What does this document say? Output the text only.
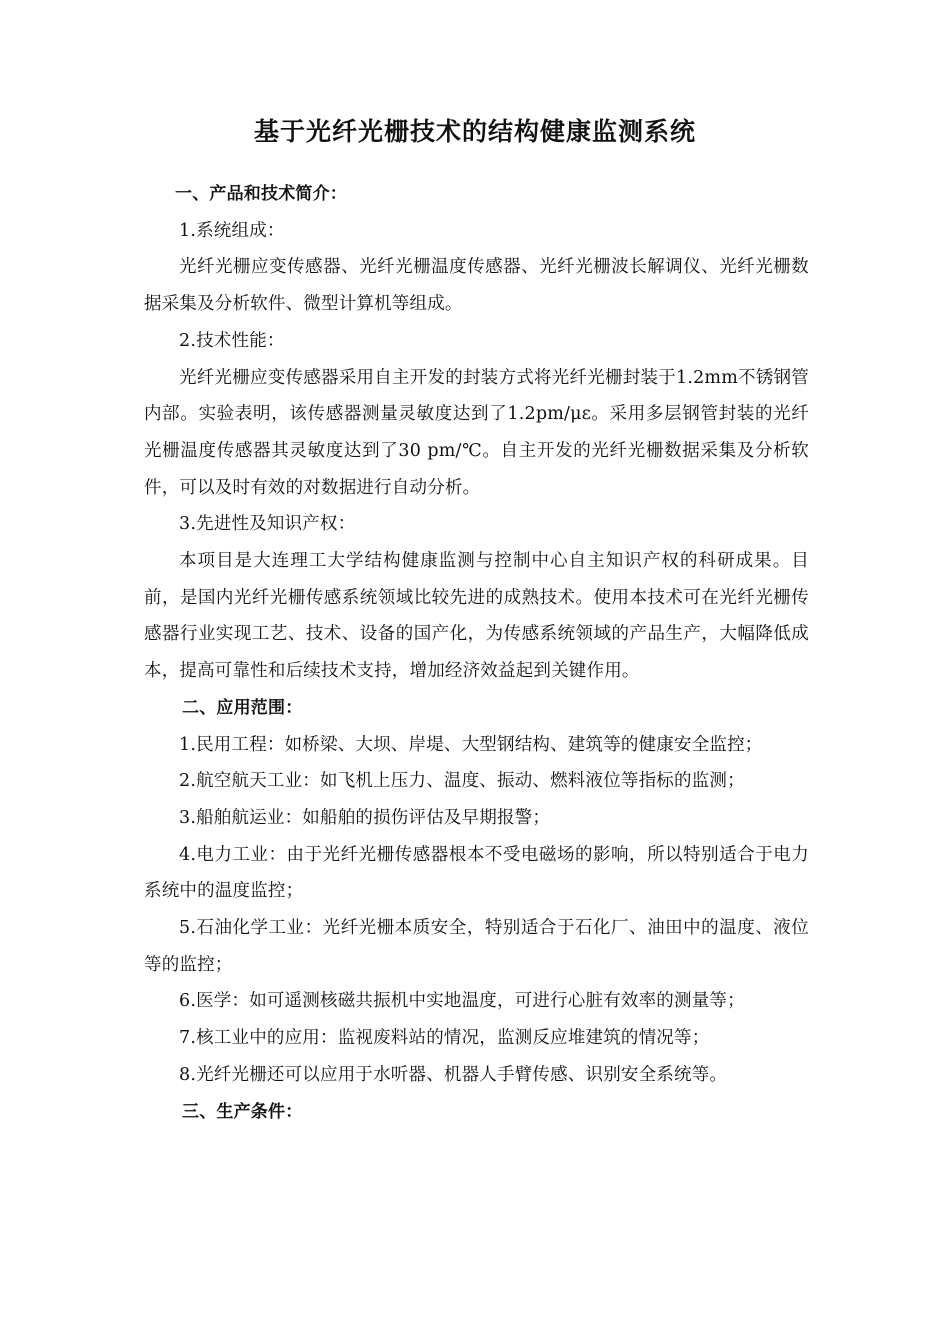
基于光纤光栅技术的结构健康监测系统

一、产品和技术简介：

1.系统组成：

光纤光栅应变传感器、光纤光栅温度传感器、光纤光栅波长解调仪、光纤光栅数据采集及分析软件、微型计算机等组成。

2.技术性能：

光纤光栅应变传感器采用自主开发的封装方式将光纤光栅封装于1.2mm不锈钢管内部。实验表明，该传感器测量灵敏度达到了1.2pm/με。采用多层钢管封装的光纤光栅温度传感器其灵敏度达到了30 pm/℃。自主开发的光纤光栅数据采集及分析软件，可以及时有效的对数据进行自动分析。

3.先进性及知识产权：

本项目是大连理工大学结构健康监测与控制中心自主知识产权的科研成果。目前，是国内光纤光栅传感系统领域比较先进的成熟技术。使用本技术可在光纤光栅传感器行业实现工艺、技术、设备的国产化，为传感系统领域的产品生产，大幅降低成本，提高可靠性和后续技术支持，增加经济效益起到关键作用。

二、应用范围：

1.民用工程：如桥梁、大坝、岸堤、大型钢结构、建筑等的健康安全监控；

2.航空航天工业：如飞机上压力、温度、振动、燃料液位等指标的监测；

3.船舶航运业：如船舶的损伤评估及早期报警；

4.电力工业：由于光纤光栅传感器根本不受电磁场的影响，所以特别适合于电力系统中的温度监控；

5.石油化学工业：光纤光栅本质安全，特别适合于石化厂、油田中的温度、液位等的监控；

6.医学：如可遥测核磁共振机中实地温度，可进行心脏有效率的测量等；

7.核工业中的应用：监视废料站的情况，监测反应堆建筑的情况等；

8.光纤光栅还可以应用于水听器、机器人手臂传感、识别安全系统等。

三、生产条件：
